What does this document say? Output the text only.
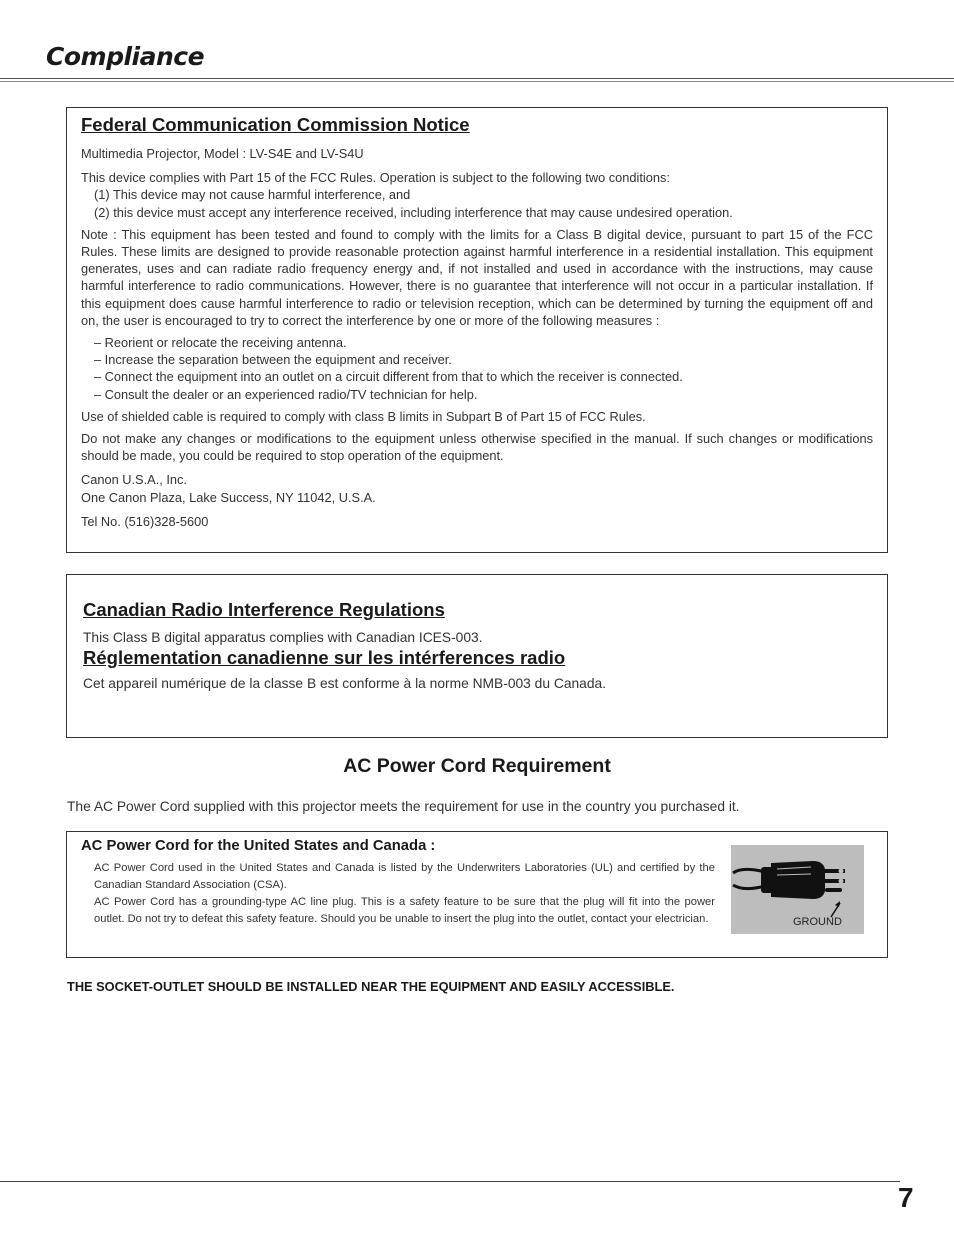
Compliance
Federal Communication Commission Notice

Multimedia Projector, Model : LV-S4E and LV-S4U

This device complies with Part 15 of the FCC Rules. Operation is subject to the following two conditions:

(1) This device may not cause harmful interference, and

(2) this device must accept any interference received, including interference that may cause undesired operation.

Note : This equipment has been tested and found to comply with the limits for a Class B digital device, pursuant to part 15 of the FCC Rules. These limits are designed to provide reasonable protection against harmful interference in a residential installation. This equipment generates, uses and can radiate radio frequency energy and, if not installed and used in accordance with the instructions, may cause harmful interference to radio communications. However, there is no guarantee that interference will not occur in a particular installation. If this equipment does cause harmful interference to radio or television reception, which can be determined by turning the equipment off and on, the user is encouraged to try to correct the interference by one or more of the following measures :

– Reorient or relocate the receiving antenna.

– Increase the separation between the equipment and receiver.

– Connect the equipment into an outlet on a circuit different from that to which the receiver is connected.

– Consult the dealer or an experienced radio/TV technician for help.

Use of shielded cable is required to comply with class B limits in Subpart B of Part 15 of FCC Rules.

Do not make any changes or modifications to the equipment unless otherwise specified in the manual. If such changes or modifications should be made, you could be required to stop operation of the equipment.

Canon U.S.A., Inc.

One Canon Plaza, Lake Success, NY 11042, U.S.A.

Tel No. (516)328-5600

Canadian Radio Interference Regulations

This Class B digital apparatus complies with Canadian ICES-003.

Réglementation canadienne sur les intérferences radio

Cet appareil numérique de la classe B est conforme à la norme NMB-003 du Canada.

AC Power Cord Requirement
The AC Power Cord supplied with this projector meets the requirement for use in the country you purchased it.
AC Power Cord for the United States and Canada :

AC Power Cord used in the United States and Canada is listed by the Underwriters Laboratories (UL) and certified by the Canadian Standard Association (CSA).

AC Power Cord has a grounding-type AC line plug. This is a safety feature to be sure that the plug will fit into the power outlet. Do not try to defeat this safety feature. Should you be unable to insert the plug into the outlet, contact your electrician.	GROUND
THE SOCKET-OUTLET SHOULD BE INSTALLED NEAR THE EQUIPMENT AND EASILY ACCESSIBLE.
7
